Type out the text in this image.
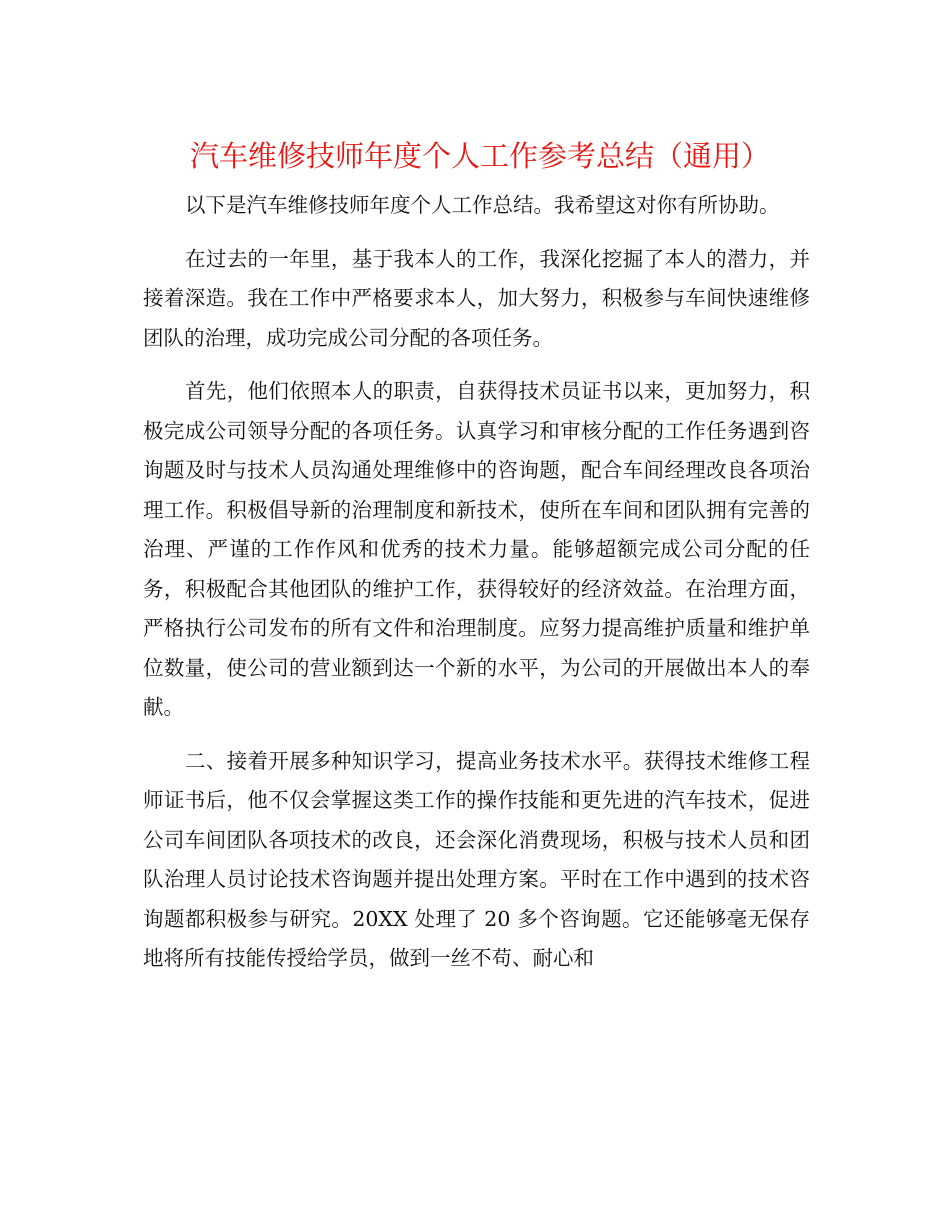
汽车维修技师年度个人工作参考总结（通用）

以下是汽车维修技师年度个人工作总结。我希望这对你有所协助。

在过去的一年里，基于我本人的工作，我深化挖掘了本人的潜力，并接着深造。我在工作中严格要求本人，加大努力，积极参与车间快速维修团队的治理，成功完成公司分配的各项任务。

首先，他们依照本人的职责，自获得技术员证书以来，更加努力，积极完成公司领导分配的各项任务。认真学习和审核分配的工作任务遇到咨询题及时与技术人员沟通处理维修中的咨询题，配合车间经理改良各项治理工作。积极倡导新的治理制度和新技术，使所在车间和团队拥有完善的治理、严谨的工作作风和优秀的技术力量。能够超额完成公司分配的任务，积极配合其他团队的维护工作，获得较好的经济效益。在治理方面，严格执行公司发布的所有文件和治理制度。应努力提高维护质量和维护单位数量，使公司的营业额到达一个新的水平，为公司的开展做出本人的奉献。

二、接着开展多种知识学习，提高业务技术水平。获得技术维修工程师证书后，他不仅会掌握这类工作的操作技能和更先进的汽车技术，促进公司车间团队各项技术的改良，还会深化消费现场，积极与技术人员和团队治理人员讨论技术咨询题并提出处理方案。平时在工作中遇到的技术咨询题都积极参与研究。20XX 处理了 20 多个咨询题。它还能够毫无保存地将所有技能传授给学员，做到一丝不苟、耐心和
